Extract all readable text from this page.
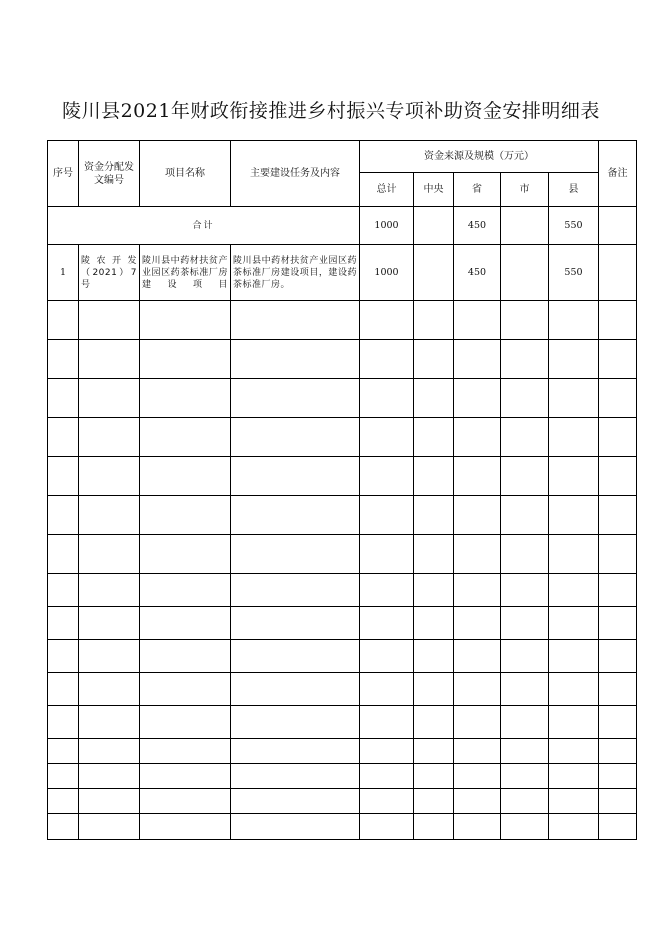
陵川县2021年财政衔接推进乡村振兴专项补助资金安排明细表
序号	资金分配发文编号	项目名称	主要建设任务及内容	资金来源及规模（万元）					备注
				总计	中央	省	市	县	
合计				1000		450		550	
1	陵农开发（2021）7号	陵川县中药材扶贫产业园区药茶标准厂房建设项目	陵川县中药材扶贫产业园区药茶标准厂房建设项目，建设药茶标准厂房。	1000		450		550	
